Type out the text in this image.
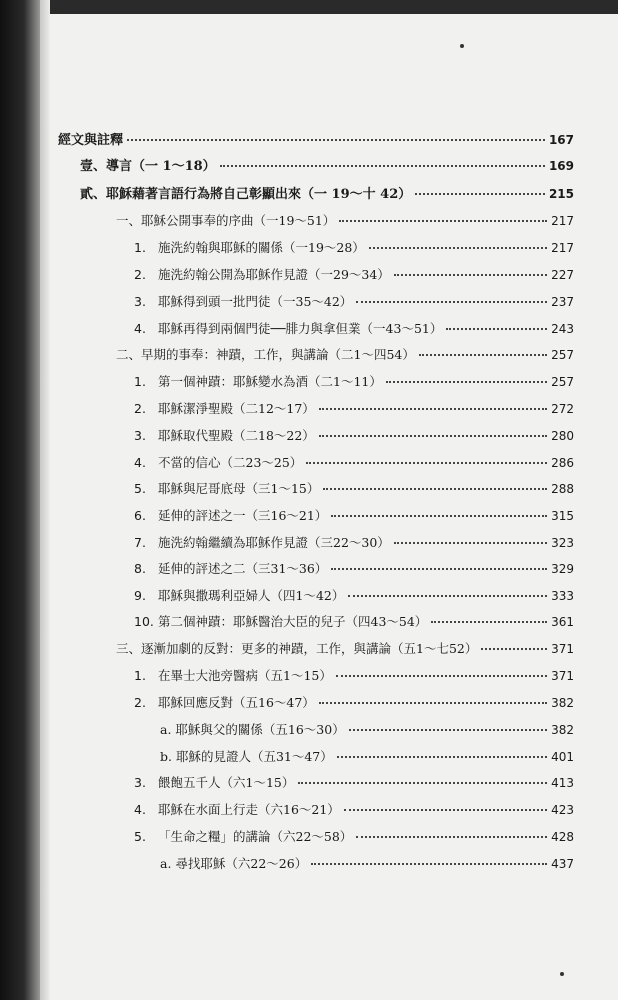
經文與註釋	167
壹、導言（一 1～18）	169
貳、耶穌藉著言語行為將自己彰顯出來（一 19～十 42）	215
一、耶穌公開事奉的序曲（一19～51）	217
1. 施洗約翰與耶穌的關係（一19～28）	217
2. 施洗約翰公開為耶穌作見證（一29～34）	227
3. 耶穌得到頭一批門徒（一35～42）	237
4. 耶穌再得到兩個門徒──腓力與拿但業（一43～51）	243
二、早期的事奉：神蹟，工作，與講論（二1～四54）	257
1. 第一個神蹟：耶穌變水為酒（二1～11）	257
2. 耶穌潔淨聖殿（二12～17）	272
3. 耶穌取代聖殿（二18～22）	280
4. 不當的信心（二23～25）	286
5. 耶穌與尼哥底母（三1～15）	288
6. 延伸的評述之一（三16～21）	315
7. 施洗約翰繼續為耶穌作見證（三22～30）	323
8. 延伸的評述之二（三31～36）	329
9. 耶穌與撒瑪利亞婦人（四1～42）	333
10. 第二個神蹟：耶穌醫治大臣的兒子（四43～54）	361
三、逐漸加劇的反對：更多的神蹟，工作，與講論（五1～七52）	371
1. 在畢士大池旁醫病（五1～15）	371
2. 耶穌回應反對（五16～47）	382
a. 耶穌與父的關係（五16～30）	382
b. 耶穌的見證人（五31～47）	401
3. 餵飽五千人（六1～15）	413
4. 耶穌在水面上行走（六16～21）	423
5. 「生命之糧」的講論（六22～58）	428
a. 尋找耶穌（六22～26）	437
